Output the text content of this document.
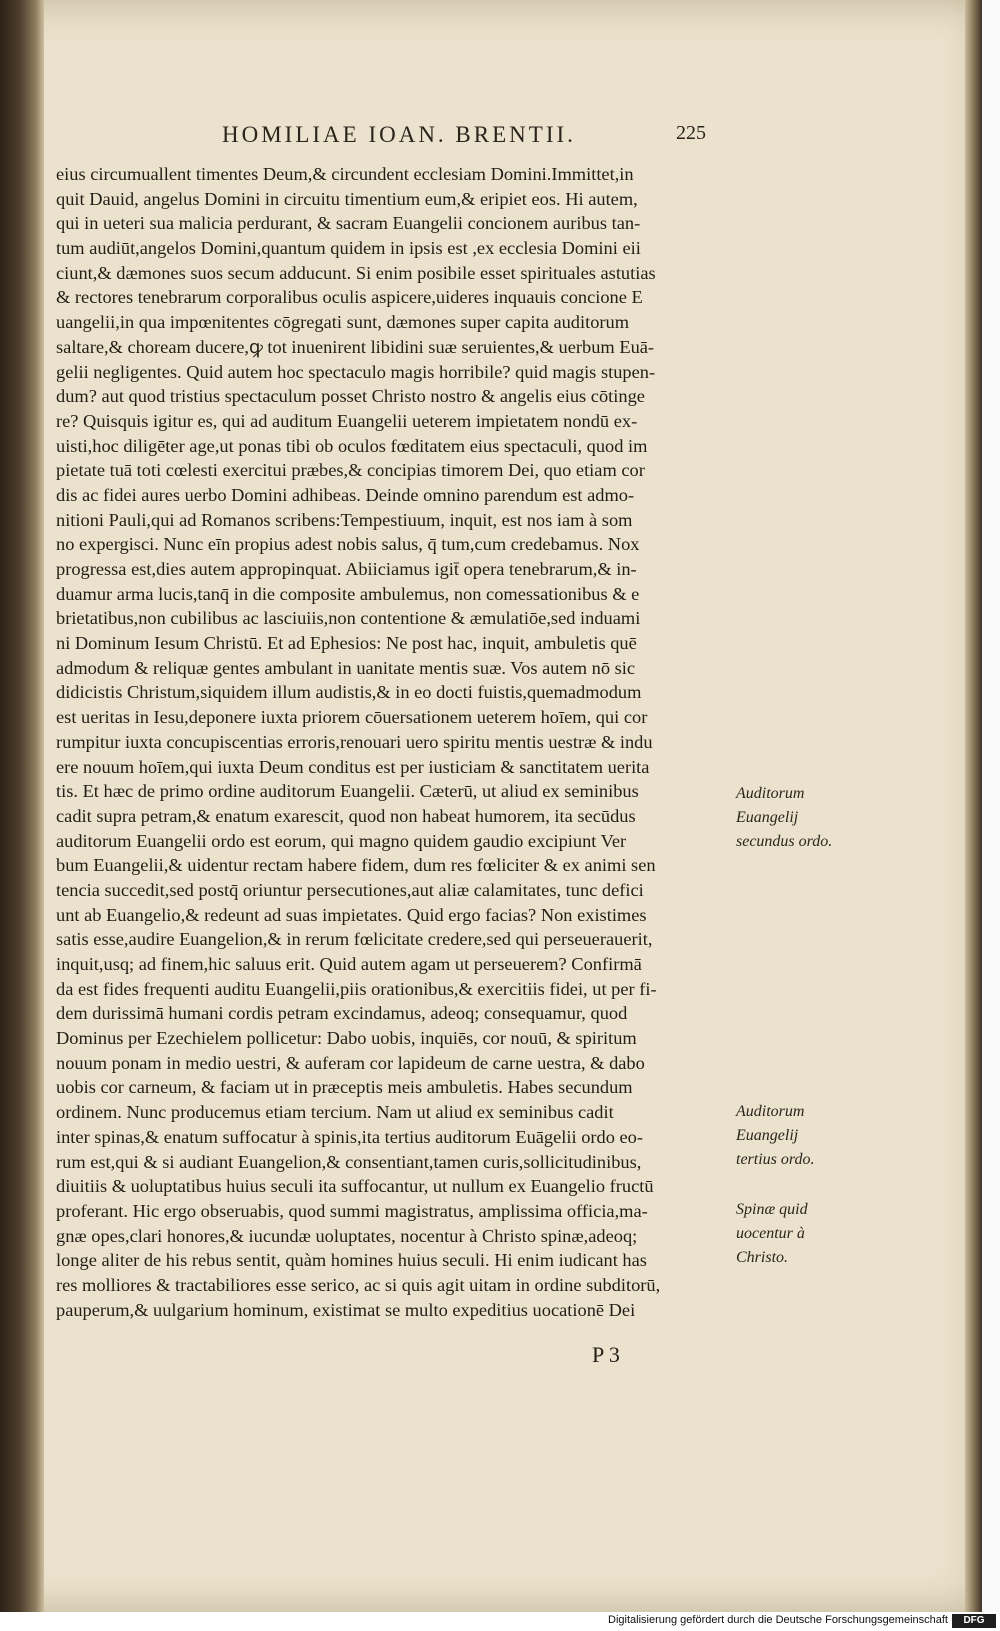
HOMILIAE IOAN. BRENTII.	225
eius circumuallent timentes Deum,& circundent ecclesiam Domini.Immittet,in
quit Dauid, angelus Domini in circuitu timentium eum,& eripiet eos. Hi autem,
qui in ueteri sua malicia perdurant, & sacram Euangelii concionem auribus tan-
tum audiūt,angelos Domini,quantum quidem in ipsis est ,ex ecclesia Domini eii
ciunt,& dæmones suos secum adducunt. Si enim posibile esset spirituales astutias
& rectores tenebrarum corporalibus oculis aspicere,uideres inquauis concione E
uangelii,in qua impœnitentes cōgregati sunt, dæmones super capita auditorum
saltare,& choream ducere,ꝙ tot inuenirent libidini suæ seruientes,& uerbum Euā-
gelii negligentes. Quid autem hoc spectaculo magis horribile? quid magis stupen-
dum? aut quod tristius spectaculum posset Christo nostro & angelis eius cōtinge
re? Quisquis igitur es, qui ad auditum Euangelii ueterem impietatem nondū ex-
uisti,hoc diligēter age,ut ponas tibi ob oculos fœditatem eius spectaculi, quod im
pietate tuā toti cœlesti exercitui præbes,& concipias timorem Dei, quo etiam cor
dis ac fidei aures uerbo Domini adhibeas. Deinde omnino parendum est admo-
nitioni Pauli,qui ad Romanos scribens:Tempestiuum, inquit, est nos iam à som
no expergisci. Nunc eīn propius adest nobis salus, q̄ tum,cum credebamus. Nox
progressa est,dies autem appropinquat. Abiiciamus igit̄ opera tenebrarum,& in-
duamur arma lucis,tanq̄ in die composite ambulemus, non comessationibus & e
brietatibus,non cubilibus ac lasciuiis,non contentione & æmulatiōe,sed induami
ni Dominum Iesum Christū. Et ad Ephesios: Ne post hac, inquit, ambuletis quē
admodum & reliquæ gentes ambulant in uanitate mentis suæ. Vos autem nō sic
didicistis Christum,siquidem illum audistis,& in eo docti fuistis,quemadmodum
est ueritas in Iesu,deponere iuxta priorem cōuersationem ueterem hoīem, qui cor
rumpitur iuxta concupiscentias erroris,renouari uero spiritu mentis uestræ & indu
ere nouum hoīem,qui iuxta Deum conditus est per iusticiam & sanctitatem uerita
tis. Et hæc de primo ordine auditorum Euangelii. Cæterū, ut aliud ex seminibus
cadit supra petram,& enatum exarescit, quod non habeat humorem, ita secūdus
auditorum Euangelii ordo est eorum, qui magno quidem gaudio excipiunt Ver
bum Euangelii,& uidentur rectam habere fidem, dum res fœliciter & ex animi sen
tencia succedit,sed postq̄ oriuntur persecutiones,aut aliæ calamitates, tunc defici
unt ab Euangelio,& redeunt ad suas impietates. Quid ergo facias? Non existimes
satis esse,audire Euangelion,& in rerum fœlicitate credere,sed qui perseuerauerit,
inquit,usq; ad finem,hic saluus erit. Quid autem agam ut perseuerem? Confirmā
da est fides frequenti auditu Euangelii,piis orationibus,& exercitiis fidei, ut per fi-
dem durissimā humani cordis petram excindamus, adeoq; consequamur, quod
Dominus per Ezechielem pollicetur: Dabo uobis, inquiēs, cor nouū, & spiritum
nouum ponam in medio uestri, & auferam cor lapideum de carne uestra, & dabo
uobis cor carneum, & faciam ut in præceptis meis ambuletis. Habes secundum
ordinem. Nunc producemus etiam tercium. Nam ut aliud ex seminibus cadit
inter spinas,& enatum suffocatur à spinis,ita tertius auditorum Euāgelii ordo eo-
rum est,qui & si audiant Euangelion,& consentiant,tamen curis,sollicitudinibus,
diuitiis & uoluptatibus huius seculi ita suffocantur, ut nullum ex Euangelio fructū
proferant. Hic ergo obseruabis, quod summi magistratus, amplissima officia,ma-
gnæ opes,clari honores,& iucundæ uoluptates, nocentur à Christo spinæ,adeoq;
longe aliter de his rebus sentit, quàm homines huius seculi. Hi enim iudicant has
res molliores & tractabiliores esse serico, ac si quis agit uitam in ordine subditorū,
pauperum,& uulgarium hominum, existimat se multo expeditius uocationē Dei
Auditorum Euangelij secundus ordo.
Auditorum Euangelij tertius ordo.
Spinæ quid uocentur à Christo.
P 3
Digitalisierung gefördert durch die Deutsche Forschungsgemeinschaft	DFG
